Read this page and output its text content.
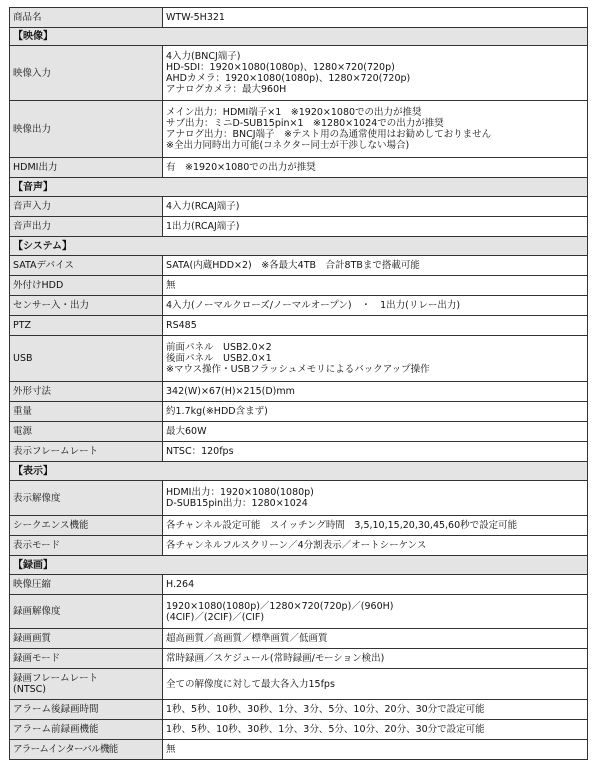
商品名	WTW-5H321
【映像】	
映像入力	4入力(BNCJ端子)
HD-SDI：1920×1080(1080p)、1280×720(720p)
AHDカメラ：1920×1080(1080p)、1280×720(720p)
アナログカメラ：最大960H
映像出力	メイン出力：HDMI端子×1　※1920×1080での出力が推奨
サブ出力：ミニD-SUB15pin×1　※1280×1024での出力が推奨
アナログ出力：BNCJ端子　※テスト用の為通常使用はお勧めしておりません
※全出力同時出力可能(コネクター同士が干渉しない場合)
HDMI出力	有　※1920×1080での出力が推奨
【音声】	
音声入力	4入力(RCAJ端子)
音声出力	1出力(RCAJ端子)
【システム】	
SATAデバイス	SATA(内蔵HDD×2)　※各最大4TB　合計8TBまで搭載可能
外付けHDD	無
センサー入・出力	4入力(ノーマルクローズ/ノーマルオープン)　・　1出力(リレー出力)
PTZ	RS485
USB	前面パネル　USB2.0×2
後面パネル　USB2.0×1
※マウス操作・USBフラッシュメモリによるバックアップ操作
外形寸法	342(W)×67(H)×215(D)mm
重量	約1.7kg(※HDD含まず)
電源	最大60W
表示フレームレート	NTSC：120fps
【表示】	
表示解像度	HDMI出力：1920×1080(1080p)
D-SUB15pin出力：1280×1024
シークエンス機能	各チャンネル設定可能　スイッチング時間　3,5,10,15,20,30,45,60秒で設定可能
表示モード	各チャンネルフルスクリーン／4分割表示／オートシーケンス
【録画】	
映像圧縮	H.264
録画解像度	1920×1080(1080p)／1280×720(720p)／(960H)
(4CIF)／(2CIF)／(CIF)
録画画質	超高画質／高画質／標準画質／低画質
録画モード	常時録画／スケジュール(常時録画/モーション検出)
録画フレームレート
(NTSC)	全ての解像度に対して最大各入力15fps
アラーム後録画時間	1秒、5秒、10秒、30秒、1分、3分、5分、10分、20分、30分で設定可能
アラーム前録画機能	1秒、5秒、10秒、30秒、1分、3分、5分、10分、20分、30分で設定可能
アラームインターバル機能	無
